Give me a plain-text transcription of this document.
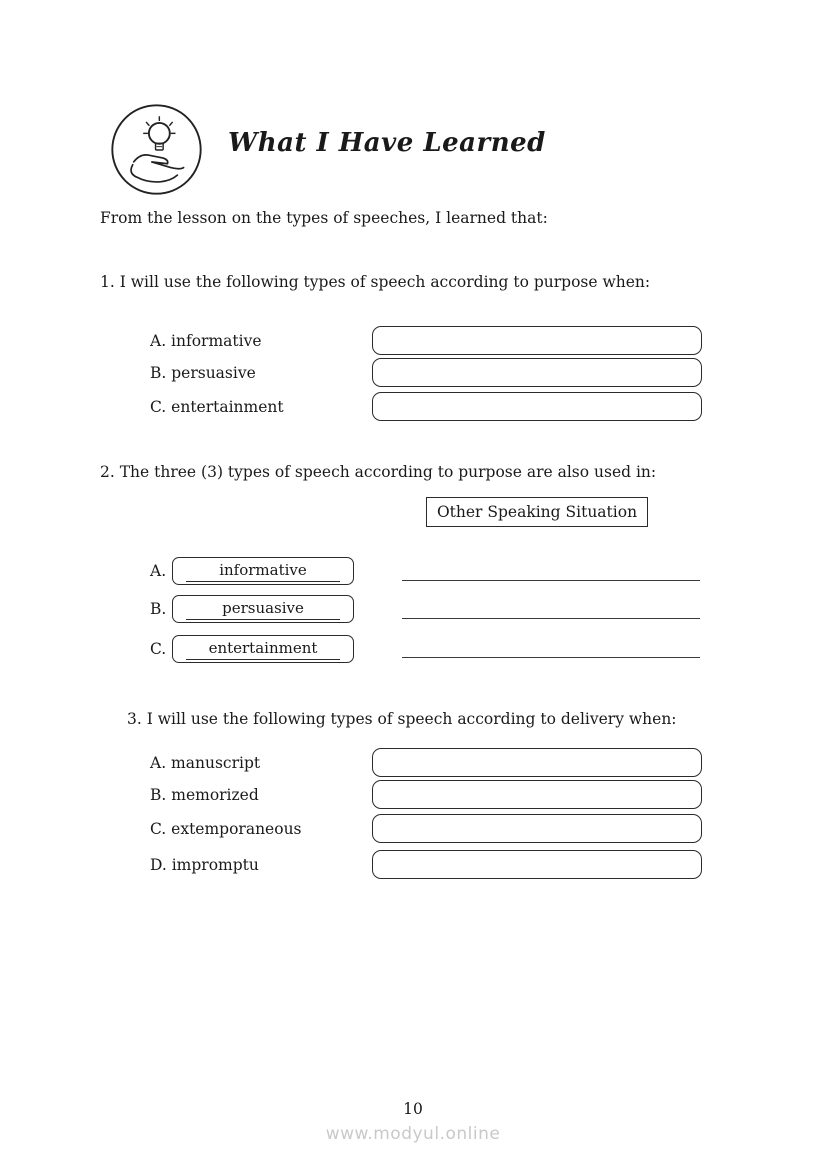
What I Have Learned
From the lesson on the types of speeches, I learned that:
1. I will use the following types of speech according to purpose when:
A. informative
B. persuasive
C. entertainment
2. The three (3) types of speech according to purpose are also used in:
Other Speaking Situation
A.	informative
B.	persuasive
C.	entertainment
3. I will use the following types of speech according to delivery when:
A. manuscript
B. memorized
C. extemporaneous
D. impromptu
10
www.modyul.online
